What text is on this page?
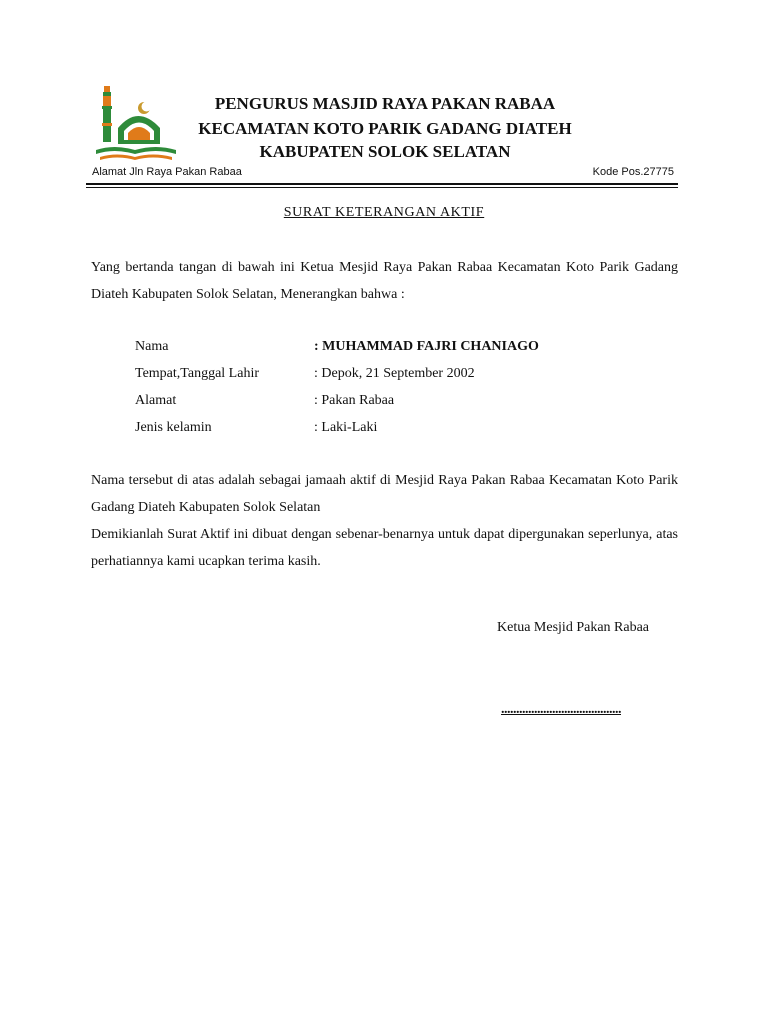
PENGURUS MASJID RAYA PAKAN RABAA
KECAMATAN KOTO PARIK GADANG DIATEH
KABUPATEN SOLOK SELATAN
Alamat Jln Raya Pakan Rabaa	Kode Pos.27775
SURAT KETERANGAN AKTIF
Yang bertanda tangan di bawah ini Ketua Mesjid Raya Pakan Rabaa Kecamatan Koto Parik Gadang Diateh Kabupaten Solok Selatan, Menerangkan bahwa :
Nama	: MUHAMMAD FAJRI CHANIAGO
Tempat,Tanggal Lahir	: Depok, 21 September 2002
Alamat	: Pakan Rabaa
Jenis kelamin	: Laki-Laki
Nama tersebut di atas adalah sebagai jamaah aktif di Mesjid Raya Pakan Rabaa Kecamatan Koto Parik Gadang Diateh Kabupaten Solok Selatan
Demikianlah Surat Aktif ini dibuat dengan sebenar-benarnya untuk dapat dipergunakan seperlunya, atas perhatiannya kami ucapkan terima kasih.
Ketua Mesjid Pakan Rabaa
........................................
